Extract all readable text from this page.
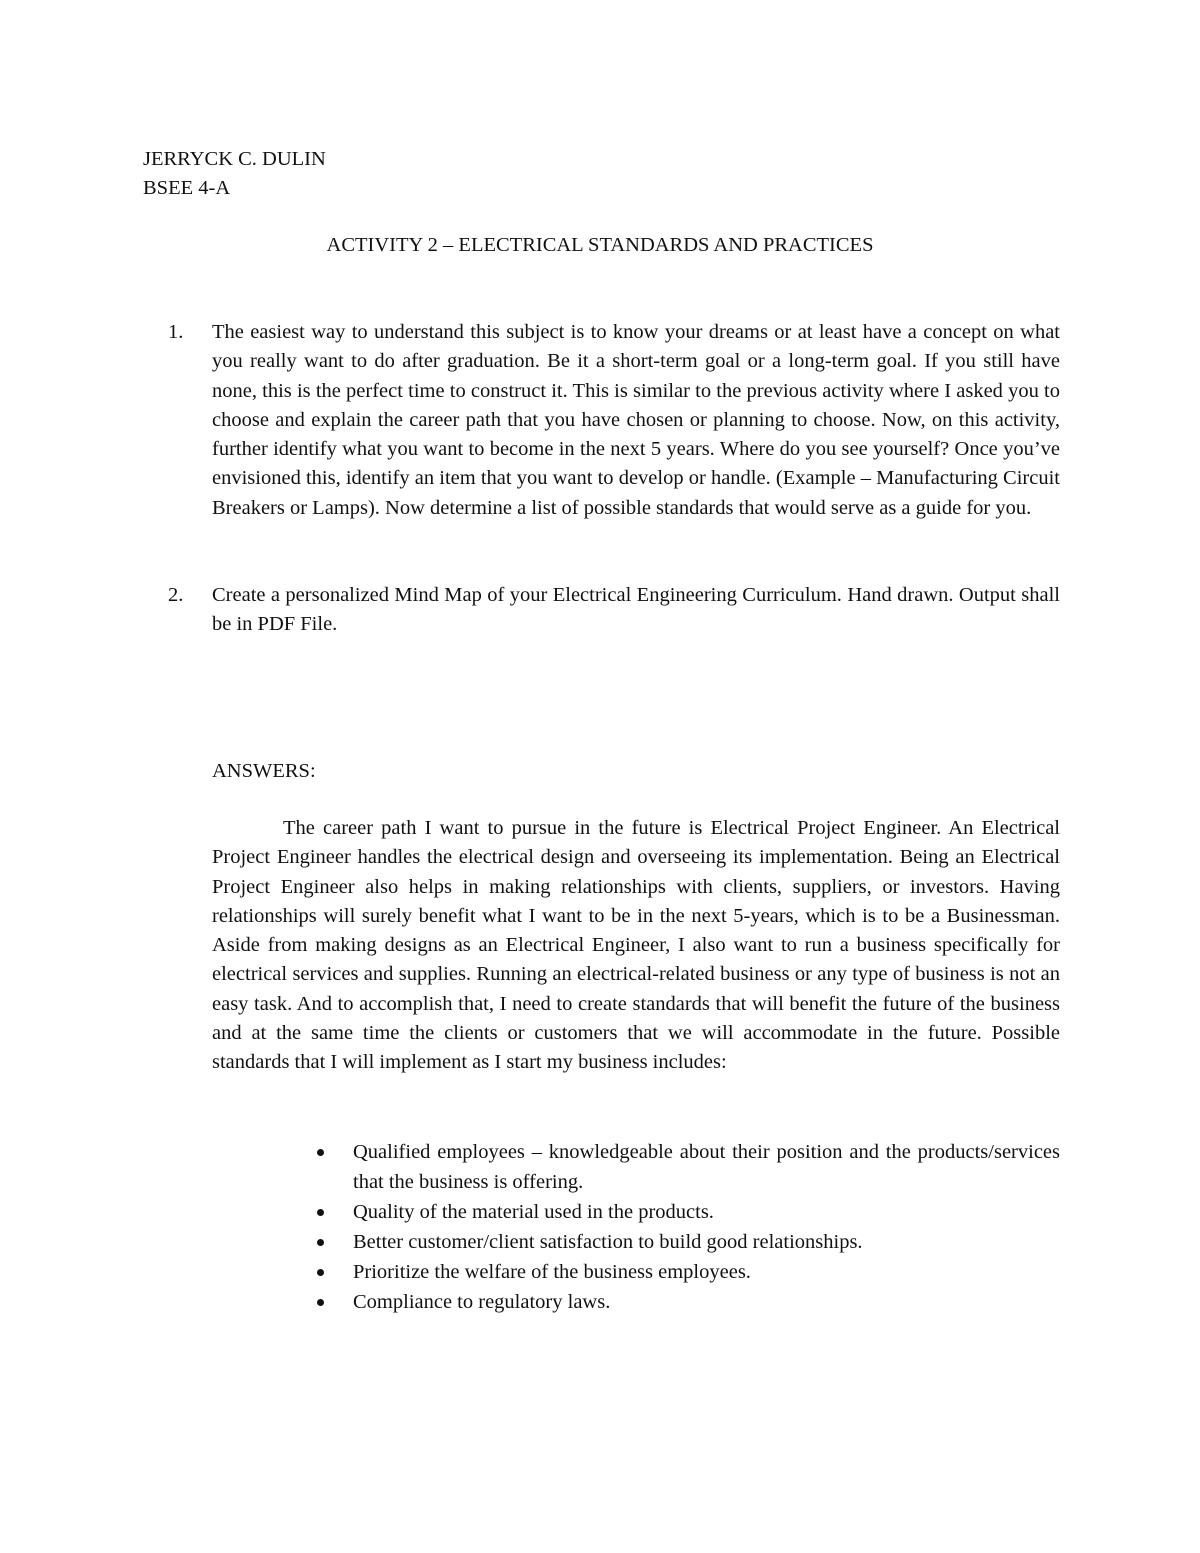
JERRYCK C. DULIN
BSEE 4-A
ACTIVITY 2 – ELECTRICAL STANDARDS AND PRACTICES
1. The easiest way to understand this subject is to know your dreams or at least have a concept on what you really want to do after graduation. Be it a short-term goal or a long-term goal. If you still have none, this is the perfect time to construct it. This is similar to the previous activity where I asked you to choose and explain the career path that you have chosen or planning to choose. Now, on this activity, further identify what you want to become in the next 5 years. Where do you see yourself? Once you’ve envisioned this, identify an item that you want to develop or handle. (Example – Manufacturing Circuit Breakers or Lamps). Now determine a list of possible standards that would serve as a guide for you.
2. Create a personalized Mind Map of your Electrical Engineering Curriculum. Hand drawn. Output shall be in PDF File.
ANSWERS:

The career path I want to pursue in the future is Electrical Project Engineer. An Electrical Project Engineer handles the electrical design and overseeing its implementation. Being an Electrical Project Engineer also helps in making relationships with clients, suppliers, or investors. Having relationships will surely benefit what I want to be in the next 5-years, which is to be a Businessman. Aside from making designs as an Electrical Engineer, I also want to run a business specifically for electrical services and supplies. Running an electrical-related business or any type of business is not an easy task. And to accomplish that, I need to create standards that will benefit the future of the business and at the same time the clients or customers that we will accommodate in the future. Possible standards that I will implement as I start my business includes:

Qualified employees – knowledgeable about their position and the products/services that the business is offering.
Quality of the material used in the products.
Better customer/client satisfaction to build good relationships.
Prioritize the welfare of the business employees.
Compliance to regulatory laws.
